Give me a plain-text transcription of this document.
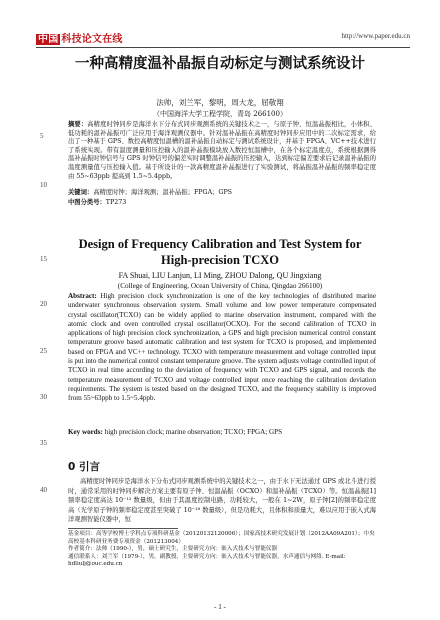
中国 科技论文在线	http://www.paper.edu.cn
一种高精度温补晶振自动标定与测试系统设计
法帅，刘兰军，黎明，周大龙，屈敬翔
（中国海洋大学工程学院，青岛 266100）
摘要：高精度时钟同步是海洋水下分布式同步观测系统的关键技术之一，与原子钟、恒温晶振相比，小体积、低功耗的温补晶振可广泛应用于海洋观测仪器中。针对温补晶振在高精度时钟同步应用中的二次标定需求，给出了一种基于 GPS、数控高精度恒温槽的温补晶振自动标定与测试系统设计，并基于 FPGA、VC++技术进行了系统实现。带有温度测量和压控输入的温补晶振模块放入数控恒温槽中，在各个标定温度点，系统根据测得温补晶振时钟信号与 GPS 时钟信号的偏差实时调整温补晶振的压控输入，达到标定偏差要求后记录温补晶振的温度测量值与压控输入值。基于所设计的一款高精度温补晶振进行了实验测试，将晶振温补晶振的频率稳定度由 55~63ppb 提高到 1.5~5.4ppb。
关键词：高精度时钟；海洋观测；温补晶振；FPGA；GPS
中图分类号：TP273
Design of Frequency Calibration and Test System for
High-precision TCXO
FA Shuai, LIU Lanjun, LI Ming, ZHOU Dalong, QU Jingxiang
(College of Engineering, Ocean University of China, Qingdao 266100)
Abstract: High precision clock synchronization is one of the key technologies of distributed marine underwater synchronous observation system. Small volume and low power temperature compensated crystal oscillator(TCXO) can be widely applied to marine observation instrument, compared with the atomic clock and oven controlled crystal oscillator(OCXO). For the second calibration of TCXO in applications of high precision clock synchronization, a GPS and high precision numerical control constant temperature groove based automatic calibration and test system for TCXO is proposed, and implemented based on FPGA and VC++ technology. TCXO with temperature measurement and voltage controlled input is put into the numerical control constant temperature groove. The system adjusts voltage controlled input of TCXO in real time according to the deviation of frequency with TCXO and GPS signal, and records the temperature measurement of TCXO and voltage controlled input once reaching the calibration deviation requirements. The system is tested based on the designed TCXO, and the frequency stability is improved from 55~63ppb to 1.5~5.4ppb.
Key words: high precision clock; marine observation; TCXO; FPGA; GPS
5
10
15
20
25
30
35
40
0 引言
高精度时钟同步是海洋水下分布式同步观测系统中的关键技术之一，由于水下无法通过 GPS 或北斗进行授时，通常采用的时钟同步解决方案主要有原子钟、恒温晶振（OCXO）和温补晶振（TCXO）等。恒温晶振[1]频率稳定度高达 10⁻¹² 数量级，但由于其温度控制电路，功耗较大，一般在 1~2W，原子钟[2]的频率稳定度高（光学原子钟的频率稳定度甚至突破了 10⁻¹⁸ 数量级），但是功耗大，且体积和质量大，难以应用于嵌入式海洋观测智能仪器中，恒
基金项目：高等学校博士学科点专项科研基金（20120132120006）；国家高技术研究发展计划（2012AA09A201）；中央高校基本科研业务费专项资金（201213004）
作者简介：法帅（1990-），男，硕士研究生，主要研究方向：嵌入式技术与智能仪器
通信联系人：刘兰军（1979-），男，副教授，主要研究方向：嵌入式技术与智能仪器，水声通信与网络. E-mail: hdliulj@ouc.edu.cn
- 1 -
